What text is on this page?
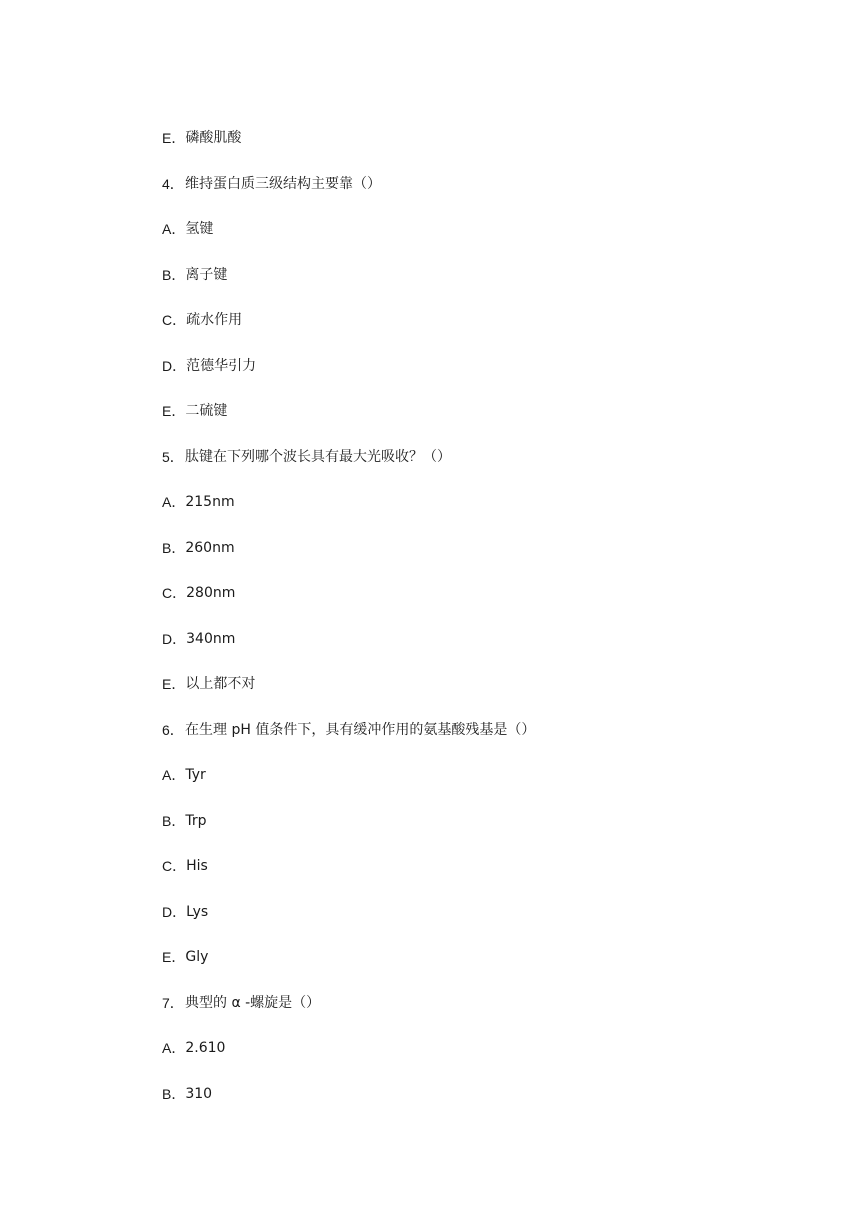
E． 磷酸肌酸
4． 维持蛋白质三级结构主要靠（）
A． 氢键
B． 离子键
C． 疏水作用
D． 范德华引力
E． 二硫键
5． 肽键在下列哪个波长具有最大光吸收？（）
A． 215nm
B． 260nm
C． 280nm
D． 340nm
E． 以上都不对
6． 在生理 pH 值条件下，具有缓冲作用的氨基酸残基是（）
A． Tyr
B． Trp
C． His
D． Lys
E． Gly
7． 典型的 α -螺旋是（）
A． 2.610
B． 310
